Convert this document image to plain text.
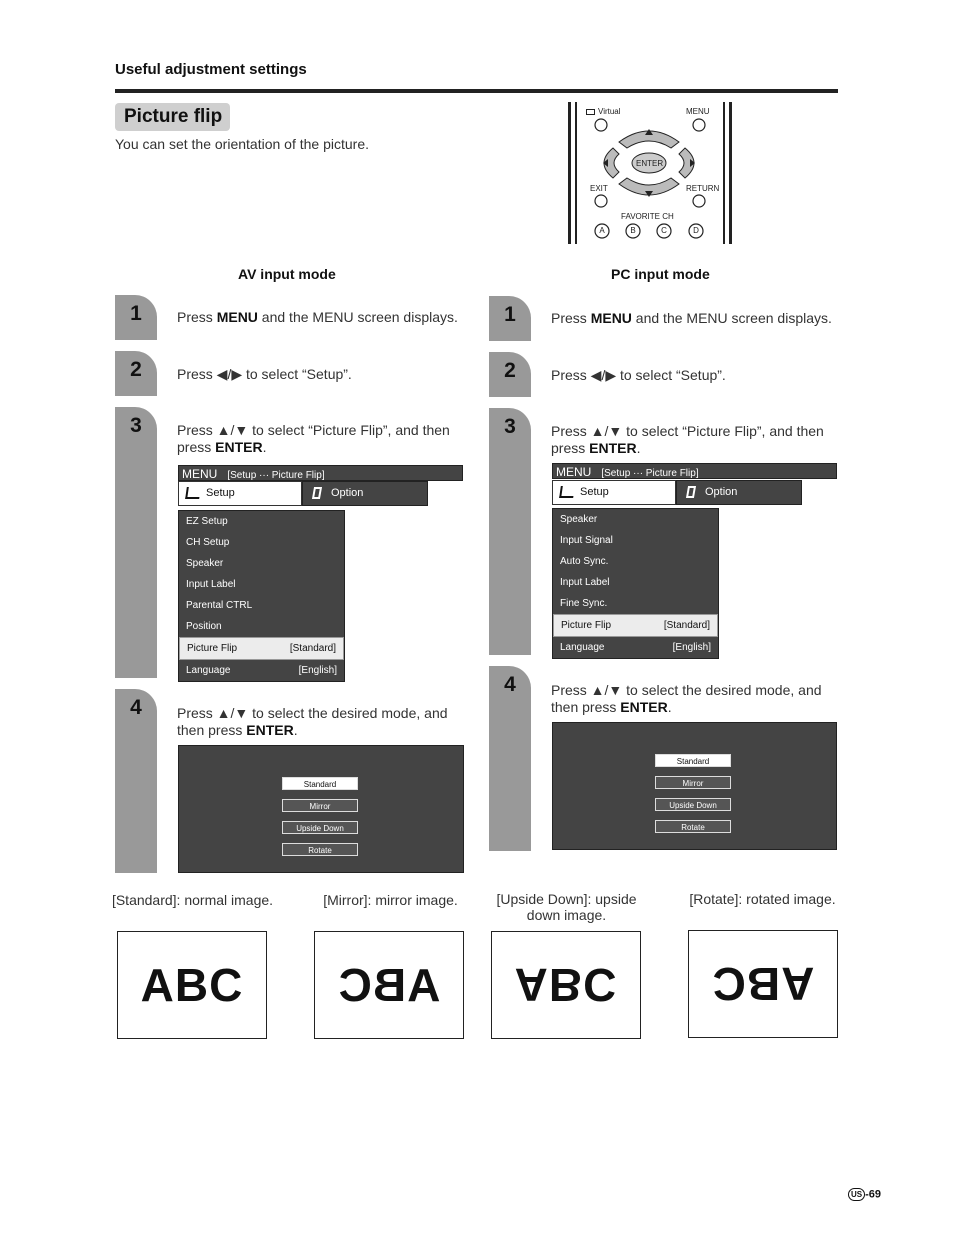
Useful adjustment settings
Picture flip
You can set the orientation of the picture.
Virtual	MENU
ENTER
EXIT	RETURN
FAVORITE CH
A	B	C	D
AV input mode	PC input mode
1	Press MENU and the MENU screen displays.
2	Press ◀/▶ to select “Setup”.
3	Press ▲/▼ to select “Picture Flip”, and then press ENTER.
MENU [Setup ··· Picture Flip]
Setup	Option
EZ Setup
CH Setup
Speaker
Input Label
Parental CTRL
Position
Picture Flip	[Standard]
Language	[English]
4	Press ▲/▼ to select the desired mode, and then press ENTER.
Standard
Mirror
Upside Down
Rotate
1	Press MENU and the MENU screen displays.
2	Press ◀/▶ to select “Setup”.
3	Press ▲/▼ to select “Picture Flip”, and then press ENTER.
MENU [Setup ··· Picture Flip]
Setup	Option
Speaker
Input Signal
Auto Sync.
Input Label
Fine Sync.
Picture Flip	[Standard]
Language	[English]
4	Press ▲/▼ to select the desired mode, and then press ENTER.
Standard
Mirror
Upside Down
Rotate
[Standard]: normal image.	[Mirror]: mirror image.	[Upside Down]: upside down image.
[Rotate]: rotated image.
ABC	ABC	ABC	ABC
US -69
